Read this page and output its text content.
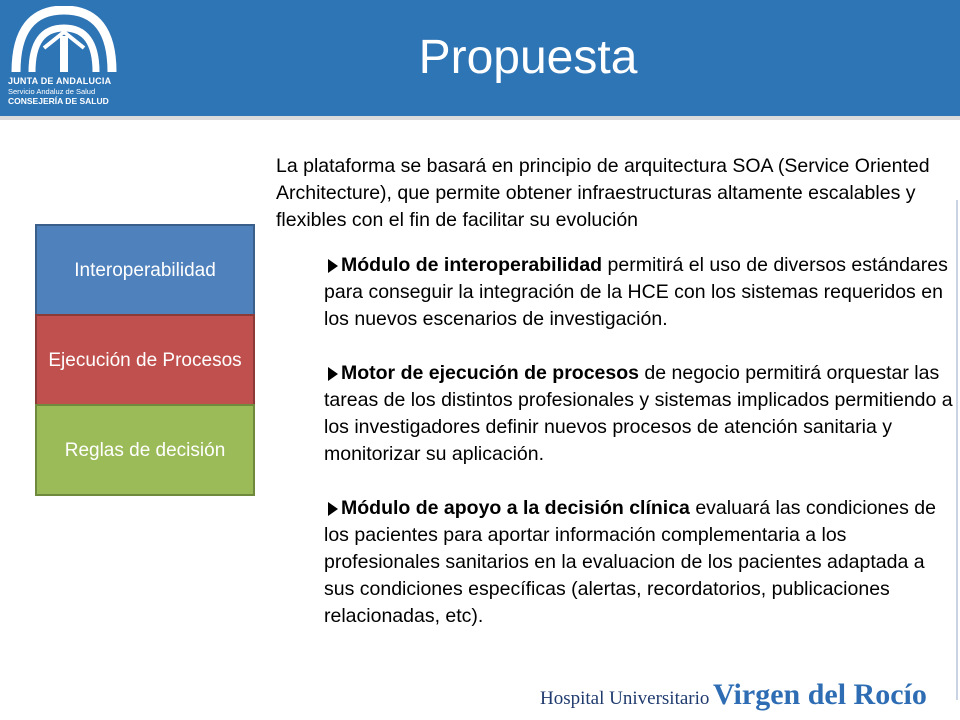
JUNTA DE ANDALUCIA
Servicio Andaluz de Salud
CONSEJERÍA DE SALUD
Propuesta
Interoperabilidad
Ejecución de Procesos
Reglas de decisión

La plataforma se basará en principio de arquitectura SOA (Service Oriented Architecture), que permite obtener infraestructuras altamente escalables y flexibles con el fin de facilitar su evolución

Módulo de interoperabilidad permitirá el uso de diversos estándares para conseguir la integración de la HCE con los sistemas requeridos en los nuevos escenarios de investigación.
Motor de ejecución de procesos de negocio permitirá orquestar las tareas de los distintos profesionales y sistemas implicados permitiendo a los investigadores definir nuevos procesos de atención sanitaria y monitorizar su aplicación.
Módulo de apoyo a la decisión clínica evaluará las condiciones de los pacientes para aportar información complementaria a los profesionales sanitarios en la evaluacion de los pacientes adaptada a sus condiciones específicas (alertas, recordatorios, publicaciones relacionadas, etc).
Hospital Universitario Virgen del Rocío
